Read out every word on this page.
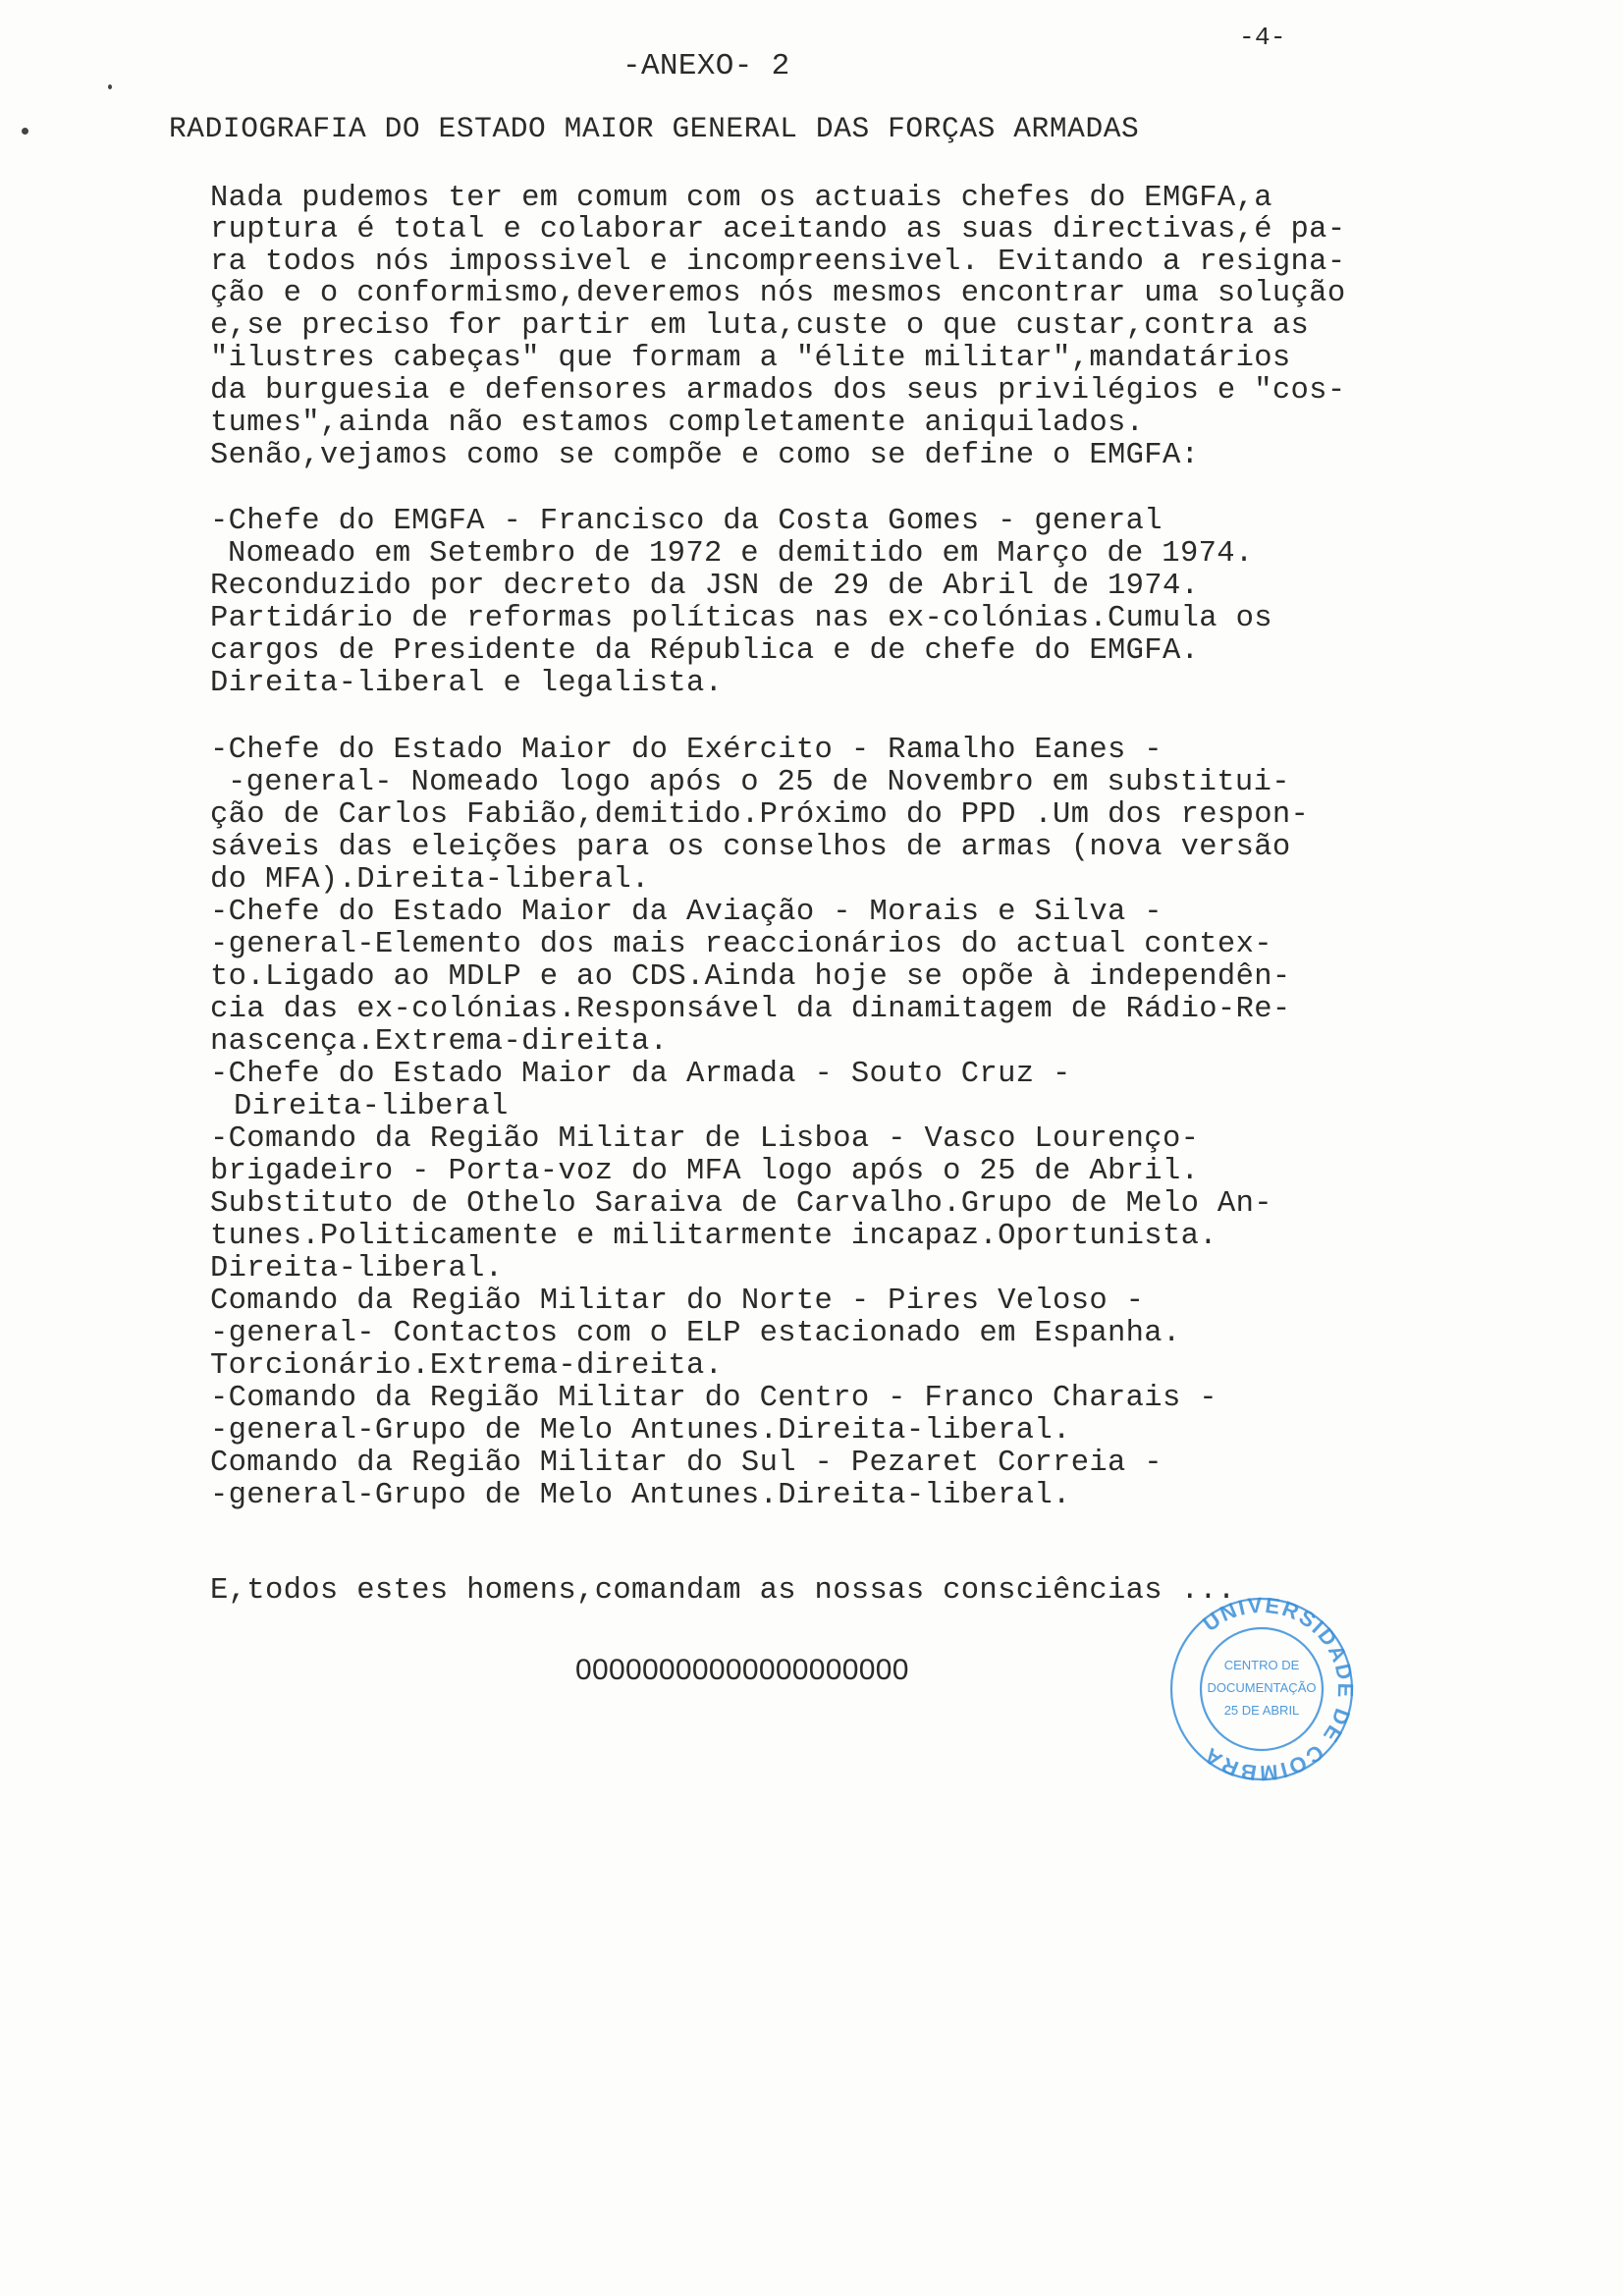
-4-
-ANEXO- 2
RADIOGRAFIA DO ESTADO MAIOR GENERAL DAS FORÇAS ARMADAS
Nada pudemos ter em comum com os actuais chefes do EMGFA,a
ruptura é total e colaborar aceitando as suas directivas,é pa-
ra todos nós impossivel e incompreensivel. Evitando a resigna-
ção e o conformismo,deveremos nós mesmos encontrar uma solução
e,se preciso for partir em luta,custe o que custar,contra as
"ilustres cabeças" que formam a "élite militar",mandatários
da burguesia e defensores armados dos seus privilégios e "cos-
tumes",ainda não estamos completamente aniquilados.
Senão,vejamos como se compõe e como se define o EMGFA:
-Chefe do EMGFA - Francisco da Costa Gomes - general
Nomeado em Setembro de 1972 e demitido em Março de 1974.
Reconduzido por decreto da JSN de 29 de Abril de 1974.
Partidário de reformas políticas nas ex-colónias.Cumula os
cargos de Presidente da Républica e de chefe do EMGFA.
Direita-liberal e legalista.
-Chefe do Estado Maior do Exército - Ramalho Eanes -
-general- Nomeado logo após o 25 de Novembro em substitui-
ção de Carlos Fabião,demitido.Próximo do PPD .Um dos respon-
sáveis das eleições para os conselhos de armas (nova versão
do MFA).Direita-liberal.
-Chefe do Estado Maior da Aviação - Morais e Silva -
-general-Elemento dos mais reaccionários do actual contex-
to.Ligado ao MDLP e ao CDS.Ainda hoje se opõe à independên-
cia das ex-colónias.Responsável da dinamitagem de Rádio-Re-
nascença.Extrema-direita.
-Chefe do Estado Maior da Armada - Souto Cruz -
Direita-liberal
-Comando da Região Militar de Lisboa - Vasco Lourenço-
brigadeiro - Porta-voz do MFA logo após o 25 de Abril.
Substituto de Othelo Saraiva de Carvalho.Grupo de Melo An-
tunes.Politicamente e militarmente incapaz.Oportunista.
Direita-liberal.
Comando da Região Militar do Norte - Pires Veloso -
-general- Contactos com o ELP estacionado em Espanha.
Torcionário.Extrema-direita.
-Comando da Região Militar do Centro - Franco Charais -
-general-Grupo de Melo Antunes.Direita-liberal.
Comando da Região Militar do Sul - Pezaret Correia -
-general-Grupo de Melo Antunes.Direita-liberal.
E,todos estes homens,comandam as nossas consciências ...
00000000000000000000
UNIVERSIDADE DE COIMBRA
CENTRO DE
DOCUMENTAÇÃO
25 DE ABRIL
